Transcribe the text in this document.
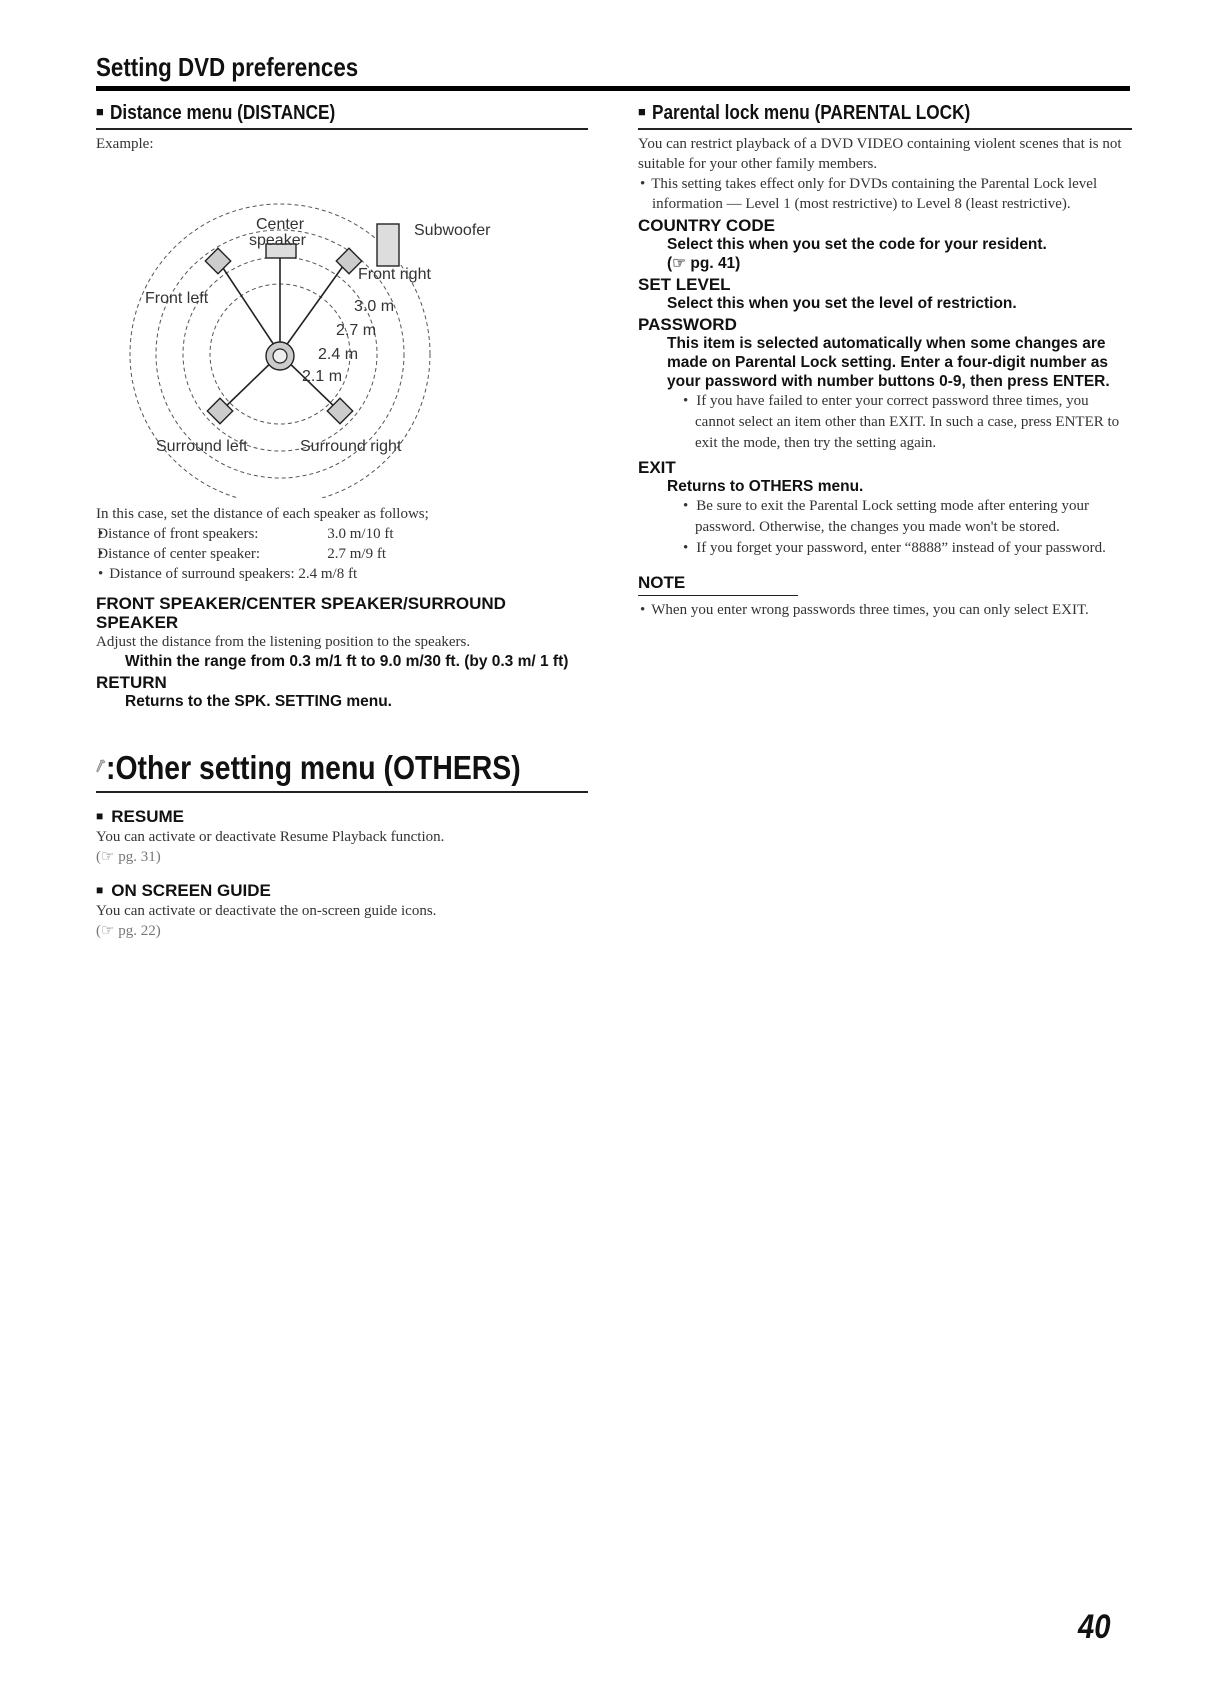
Setting DVD preferences
■ Distance menu (DISTANCE)

Example:

Center
speaker
Subwoofer
Front right
Front left	3.0 m
2.7 m
2.4 m
2.1 m
Surround left	Surround right

In this case, set the distance of each speaker as follows;

• Distance of front speakers:	3.0 m/10 ft
• Distance of center speaker:	2.7 m/9 ft
• Distance of surround speakers: 2.4 m/8 ft
FRONT SPEAKER/CENTER SPEAKER/SURROUND SPEAKER

Adjust the distance from the listening position to the speakers.

Within the range from 0.3 m/1 ft to 9.0 m/30 ft. (by 0.3 m/ 1 ft)
RETURN
Returns to the SPK. SETTING menu.
:Other setting menu (OTHERS)
■ RESUME

You can activate or deactivate Resume Playback function.

(☞ pg. 31)

■ ON SCREEN GUIDE

You can activate or deactivate the on-screen guide icons.

(☞ pg. 22)

■ Parental lock menu (PARENTAL LOCK)

You can restrict playback of a DVD VIDEO containing violent scenes that is not suitable for your other family members.

• This setting takes effect only for DVDs containing the Parental Lock level information — Level 1 (most restrictive) to Level 8 (least restrictive).
COUNTRY CODE
Select this when you set the code for your resident.
(☞ pg. 41)
SET LEVEL
Select this when you set the level of restriction.
PASSWORD
This item is selected automatically when some changes are made on Parental Lock setting. Enter a four-digit number as your password with number buttons 0-9, then press ENTER.
• If you have failed to enter your correct password three times, you cannot select an item other than EXIT. In such a case, press ENTER to exit the mode, then try the setting again.
EXIT
Returns to OTHERS menu.
• Be sure to exit the Parental Lock setting mode after entering your password. Otherwise, the changes you made won't be stored.
• If you forget your password, enter “8888” instead of your password.
NOTE
• When you enter wrong passwords three times, you can only select EXIT.
40
